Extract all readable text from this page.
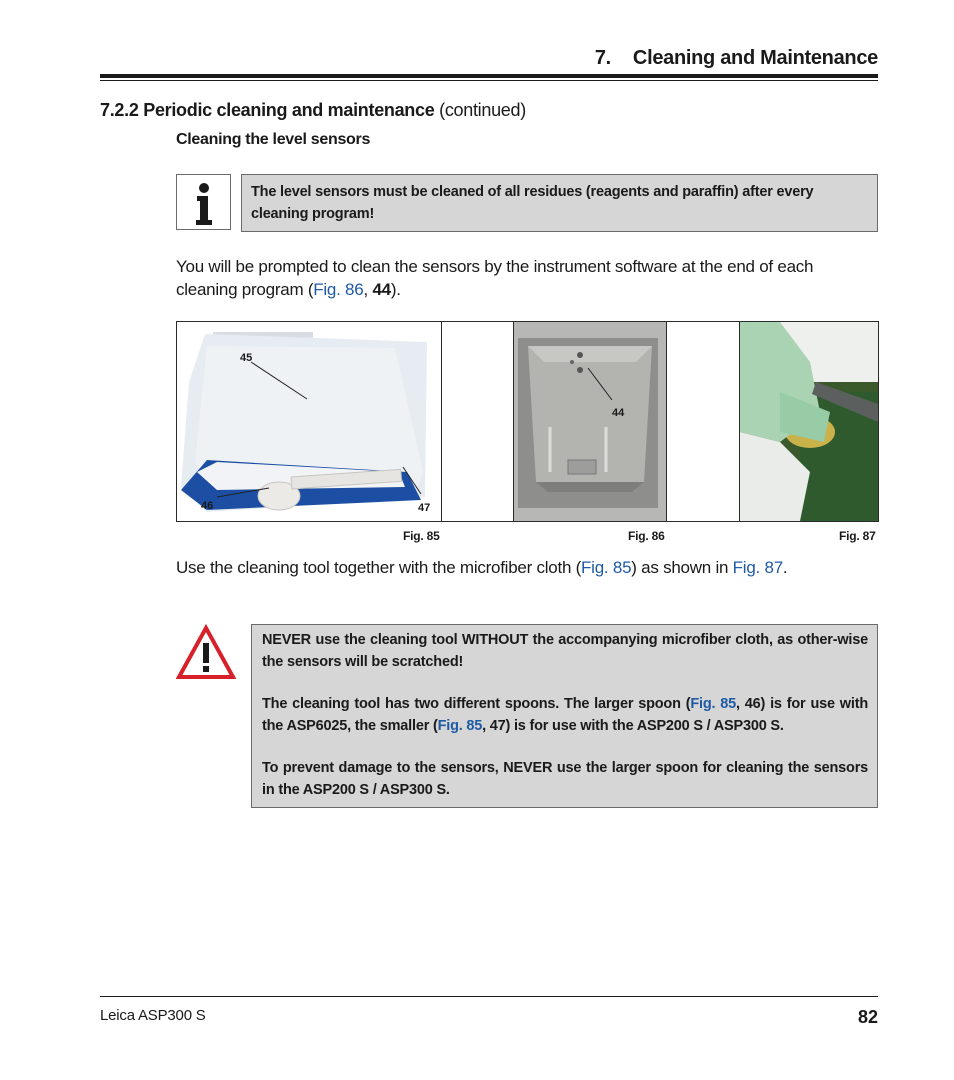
7. Cleaning and Maintenance
7.2.2 Periodic cleaning and maintenance (continued)
Cleaning the level sensors
The level sensors must be cleaned of all residues (reagents and paraffin) after every cleaning program!
You will be prompted to clean the sensors by the instrument software at the end of each cleaning program (Fig. 86, 44).
45
46	47
44
Fig. 85	Fig. 86	Fig. 87
Use the cleaning tool together with the microfiber cloth (Fig. 85) as shown in Fig. 87.

NEVER use the cleaning tool WITHOUT the accompanying microfiber cloth, as other-wise the sensors will be scratched!

The cleaning tool has two different spoons. The larger spoon (Fig. 85, 46) is for use with the ASP6025, the smaller (Fig. 85, 47) is for use with the ASP200 S / ASP300 S.

To prevent damage to the sensors, NEVER use the larger spoon for cleaning the sensors in the ASP200 S / ASP300 S.

Leica ASP300 S	82
